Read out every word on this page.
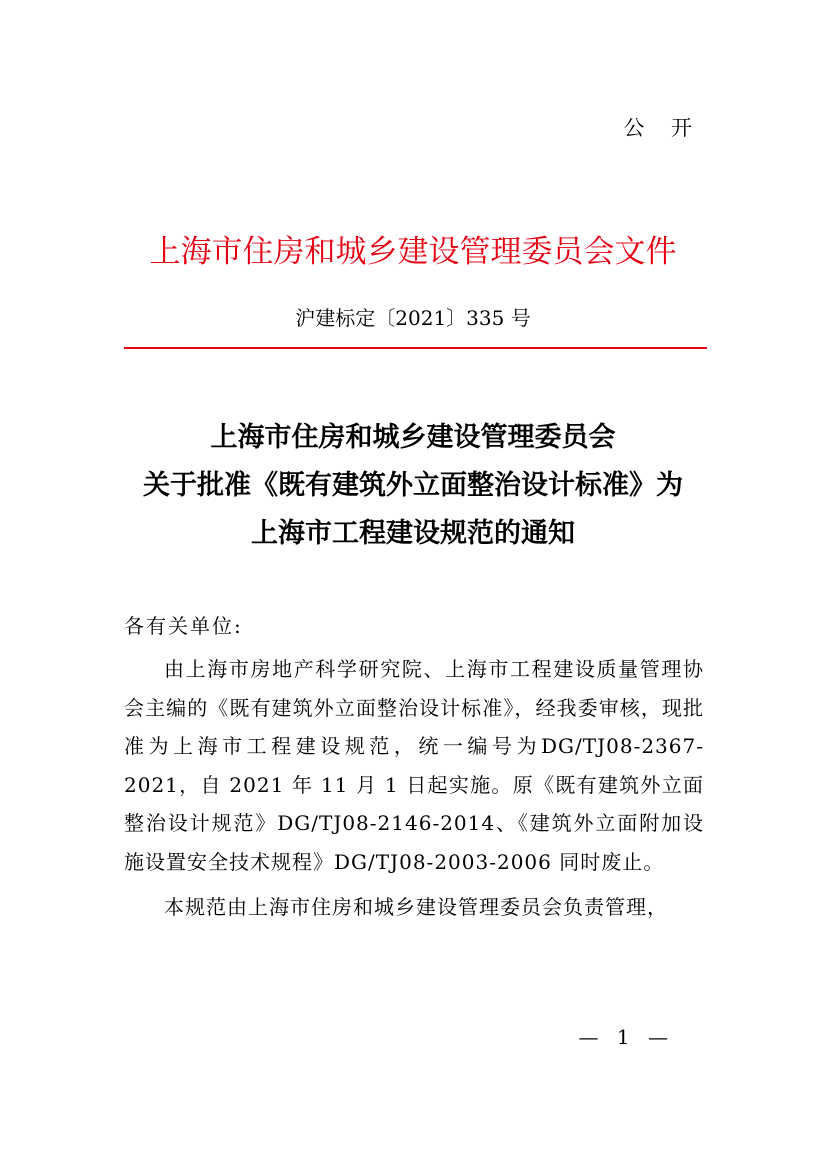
公 开
上海市住房和城乡建设管理委员会文件
沪建标定〔2021〕335 号
上海市住房和城乡建设管理委员会
关于批准《既有建筑外立面整治设计标准》为
上海市工程建设规范的通知
各有关单位:

由上海市房地产科学研究院、上海市工程建设质量管理协会主编的《既有建筑外立面整治设计标准》，经我委审核，现批准为上海市工程建设规范，统一编号为DG/TJ08-2367-2021，自 2021 年 11 月 1 日起实施。原《既有建筑外立面整治设计规范》DG/TJ08-2146-2014、《建筑外立面附加设施设置安全技术规程》DG/TJ08-2003-2006 同时废止。

本规范由上海市住房和城乡建设管理委员会负责管理，

— 1 —
